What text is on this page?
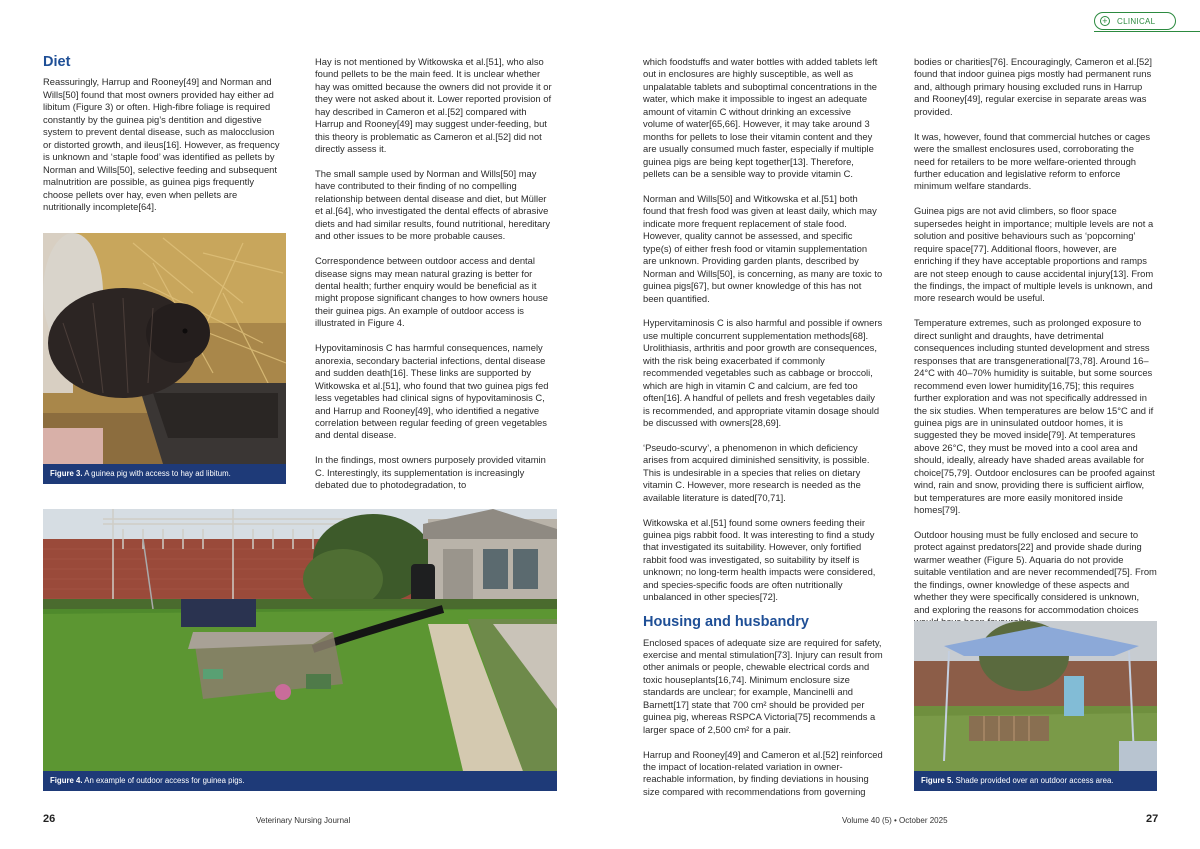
+ CLINICAL
Diet

Reassuringly, Harrup and Rooney[49] and Norman and Wills[50] found that most owners provided hay either ad libitum (Figure 3) or often. High-fibre foliage is required constantly by the guinea pig’s dentition and digestive system to prevent dental disease, such as malocclusion or distorted growth, and ileus[16]. However, as frequency is unknown and ‘staple food’ was identified as pellets by Norman and Wills[50], selective feeding and subsequent malnutrition are possible, as guinea pigs frequently choose pellets over hay, even when pellets are nutritionally incomplete[64].

Figure 3. A guinea pig with access to hay ad libitum.

Hay is not mentioned by Witkowska et al.[51], who also found pellets to be the main feed. It is unclear whether hay was omitted because the owners did not provide it or they were not asked about it. Lower reported provision of hay described in Cameron et al.[52] compared with Harrup and Rooney[49] may suggest under-feeding, but this theory is problematic as Cameron et al.[52] did not directly assess it.

The small sample used by Norman and Wills[50] may have contributed to their finding of no compelling relationship between dental disease and diet, but Müller et al.[64], who investigated the dental effects of abrasive diets and had similar results, found nutritional, hereditary and other issues to be more probable causes.

Correspondence between outdoor access and dental disease signs may mean natural grazing is better for dental health; further enquiry would be beneficial as it might propose significant changes to how owners house their guinea pigs. An example of outdoor access is illustrated in Figure 4.

Hypovitaminosis C has harmful consequences, namely anorexia, secondary bacterial infections, dental disease and sudden death[16]. These links are supported by Witkowska et al.[51], who found that two guinea pigs fed less vegetables had clinical signs of hypovitaminosis C, and Harrup and Rooney[49], who identified a negative correlation between regular feeding of green vegetables and dental disease.

In the findings, most owners purposely provided vitamin C. Interestingly, its supplementation is increasingly debated due to photodegradation, to

Figure 4. An example of outdoor access for guinea pigs.

which foodstuffs and water bottles with added tablets left out in enclosures are highly susceptible, as well as unpalatable tablets and suboptimal concentrations in the water, which make it impossible to ingest an adequate amount of vitamin C without drinking an excessive volume of water[65,66]. However, it may take around 3 months for pellets to lose their vitamin content and they are usually consumed much faster, especially if multiple guinea pigs are being kept together[13]. Therefore, pellets can be a sensible way to provide vitamin C.

Norman and Wills[50] and Witkowska et al.[51] both found that fresh food was given at least daily, which may indicate more frequent replacement of stale food. However, quality cannot be assessed, and specific type(s) of either fresh food or vitamin supplementation are unknown. Providing garden plants, described by Norman and Wills[50], is concerning, as many are toxic to guinea pigs[67], but owner knowledge of this has not been quantified.

Hypervitaminosis C is also harmful and possible if owners use multiple concurrent supplementation methods[68]. Urolithiasis, arthritis and poor growth are consequences, with the risk being exacerbated if commonly recommended vegetables such as cabbage or broccoli, which are high in vitamin C and calcium, are fed too often[16]. A handful of pellets and fresh vegetables daily is recommended, and appropriate vitamin dosage should be discussed with owners[28,69].

‘Pseudo-scurvy’, a phenomenon in which deficiency arises from acquired diminished sensitivity, is possible. This is undesirable in a species that relies on dietary vitamin C. However, more research is needed as the available literature is dated[70,71].

Witkowska et al.[51] found some owners feeding their guinea pigs rabbit food. It was interesting to find a study that investigated its suitability. However, only fortified rabbit food was investigated, so suitability by itself is unknown; no long-term health impacts were considered, and species-specific foods are often nutritionally unbalanced in other species[72].

Housing and husbandry

Enclosed spaces of adequate size are required for safety, exercise and mental stimulation[73]. Injury can result from other animals or people, chewable electrical cords and toxic houseplants[16,74]. Minimum enclosure size standards are unclear; for example, Mancinelli and Barnett[17] state that 700 cm² should be provided per guinea pig, whereas RSPCA Victoria[75] recommends a larger space of 2,500 cm² for a pair.

Harrup and Rooney[49] and Cameron et al.[52] reinforced the impact of location-related variation in owner-reachable information, by finding deviations in housing size compared with recommendations from governing

bodies or charities[76]. Encouragingly, Cameron et al.[52] found that indoor guinea pigs mostly had permanent runs and, although primary housing excluded runs in Harrup and Rooney[49], regular exercise in separate areas was provided.

It was, however, found that commercial hutches or cages were the smallest enclosures used, corroborating the need for retailers to be more welfare-oriented through further education and legislative reform to enforce minimum welfare standards.

Guinea pigs are not avid climbers, so floor space supersedes height in importance; multiple levels are not a solution and positive behaviours such as ‘popcorning’ require space[77]. Additional floors, however, are enriching if they have acceptable proportions and ramps are not steep enough to cause accidental injury[13]. From the findings, the impact of multiple levels is unknown, and more research would be useful.

Temperature extremes, such as prolonged exposure to direct sunlight and draughts, have detrimental consequences including stunted development and stress responses that are transgenerational[73,78]. Around 16–24°C with 40–70% humidity is suitable, but some sources recommend even lower humidity[16,75]; this requires further exploration and was not specifically addressed in the six studies. When temperatures are below 15°C and if guinea pigs are in uninsulated outdoor homes, it is suggested they be moved inside[79]. At temperatures above 26°C, they must be moved into a cool area and should, ideally, already have shaded areas available for choice[75,79]. Outdoor enclosures can be proofed against wind, rain and snow, providing there is sufficient airflow, but temperatures are more easily monitored inside homes[79].

Outdoor housing must be fully enclosed and secure to protect against predators[22] and provide shade during warmer weather (Figure 5). Aquaria do not provide suitable ventilation and are never recommended[75]. From the findings, owner knowledge of these aspects and whether they were specifically considered is unknown, and exploring the reasons for accommodation choices

Figure 5. Shade provided over an outdoor access area.
26	Veterinary Nursing Journal	Volume 40 (5) • October 2025	27
